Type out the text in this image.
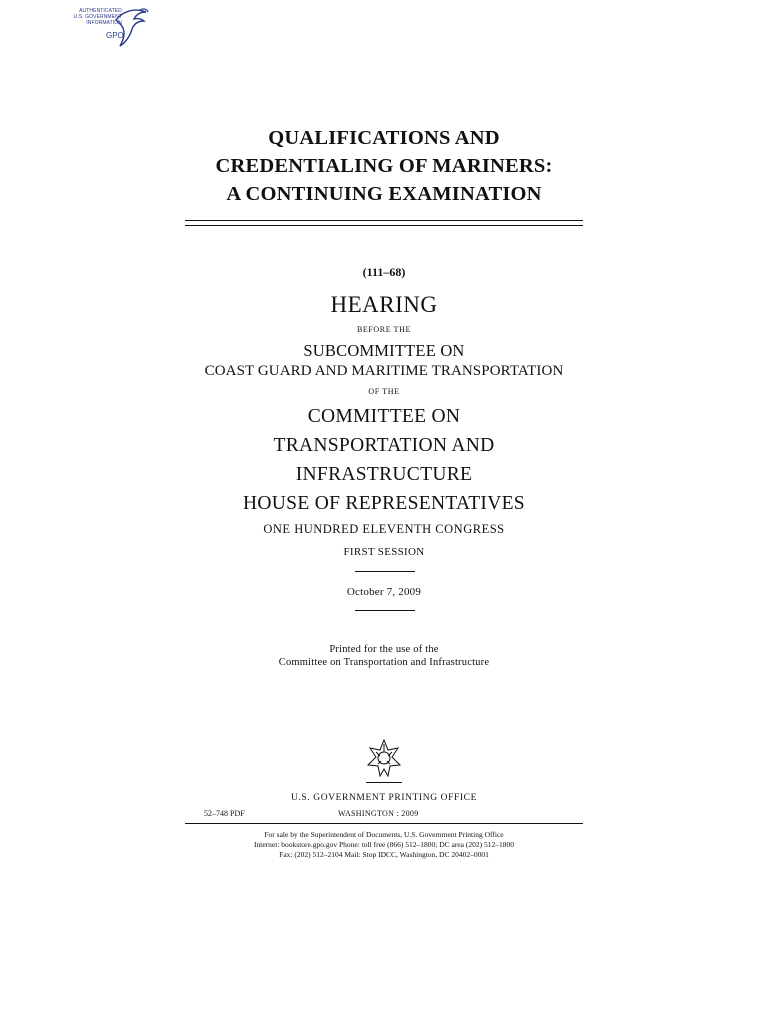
AUTHENTICATED
U.S. GOVERNMENT
INFORMATION
GPO
QUALIFICATIONS AND
CREDENTIALING OF MARINERS:
A CONTINUING EXAMINATION
(111–68)
HEARING
BEFORE THE
SUBCOMMITTEE ON
COAST GUARD AND MARITIME TRANSPORTATION
OF THE
COMMITTEE ON
TRANSPORTATION AND
INFRASTRUCTURE
HOUSE OF REPRESENTATIVES
ONE HUNDRED ELEVENTH CONGRESS
FIRST SESSION
October 7, 2009
Printed for the use of the
Committee on Transportation and Infrastructure
U.S. GOVERNMENT PRINTING OFFICE
52–748 PDF	WASHINGTON : 2009
For sale by the Superintendent of Documents, U.S. Government Printing Office
Internet: bookstore.gpo.gov Phone: toll free (866) 512–1800; DC area (202) 512–1800
Fax: (202) 512–2104 Mail: Stop IDCC, Washington, DC 20402–0001
